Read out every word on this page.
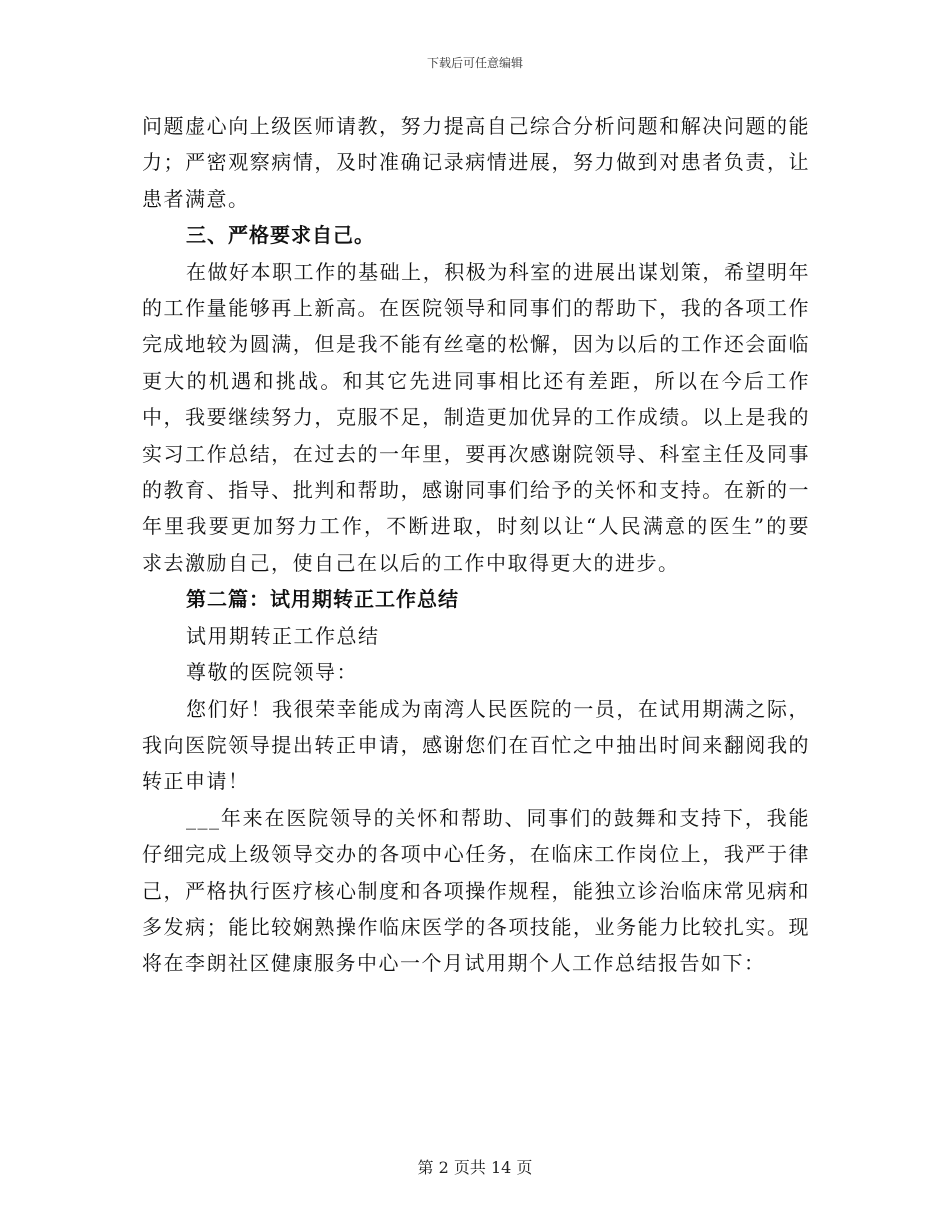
下载后可任意编辑

问题虚心向上级医师请教，努力提高自己综合分析问题和解决问题的能力；严密观察病情，及时准确记录病情进展，努力做到对患者负责，让患者满意。

三、严格要求自己。

在做好本职工作的基础上，积极为科室的进展出谋划策，希望明年的工作量能够再上新高。在医院领导和同事们的帮助下，我的各项工作完成地较为圆满，但是我不能有丝毫的松懈，因为以后的工作还会面临更大的机遇和挑战。和其它先进同事相比还有差距，所以在今后工作中，我要继续努力，克服不足，制造更加优异的工作成绩。以上是我的实习工作总结，在过去的一年里，要再次感谢院领导、科室主任及同事的教育、指导、批判和帮助，感谢同事们给予的关怀和支持。在新的一年里我要更加努力工作，不断进取，时刻以让“人民满意的医生”的要求去激励自己，使自己在以后的工作中取得更大的进步。

第二篇：试用期转正工作总结

试用期转正工作总结

尊敬的医院领导：

您们好！我很荣幸能成为南湾人民医院的一员，在试用期满之际，我向医院领导提出转正申请，感谢您们在百忙之中抽出时间来翻阅我的转正申请！

___年来在医院领导的关怀和帮助、同事们的鼓舞和支持下，我能仔细完成上级领导交办的各项中心任务，在临床工作岗位上，我严于律己，严格执行医疗核心制度和各项操作规程，能独立诊治临床常见病和多发病；能比较娴熟操作临床医学的各项技能，业务能力比较扎实。现将在李朗社区健康服务中心一个月试用期个人工作总结报告如下：

第 2 页共 14 页
